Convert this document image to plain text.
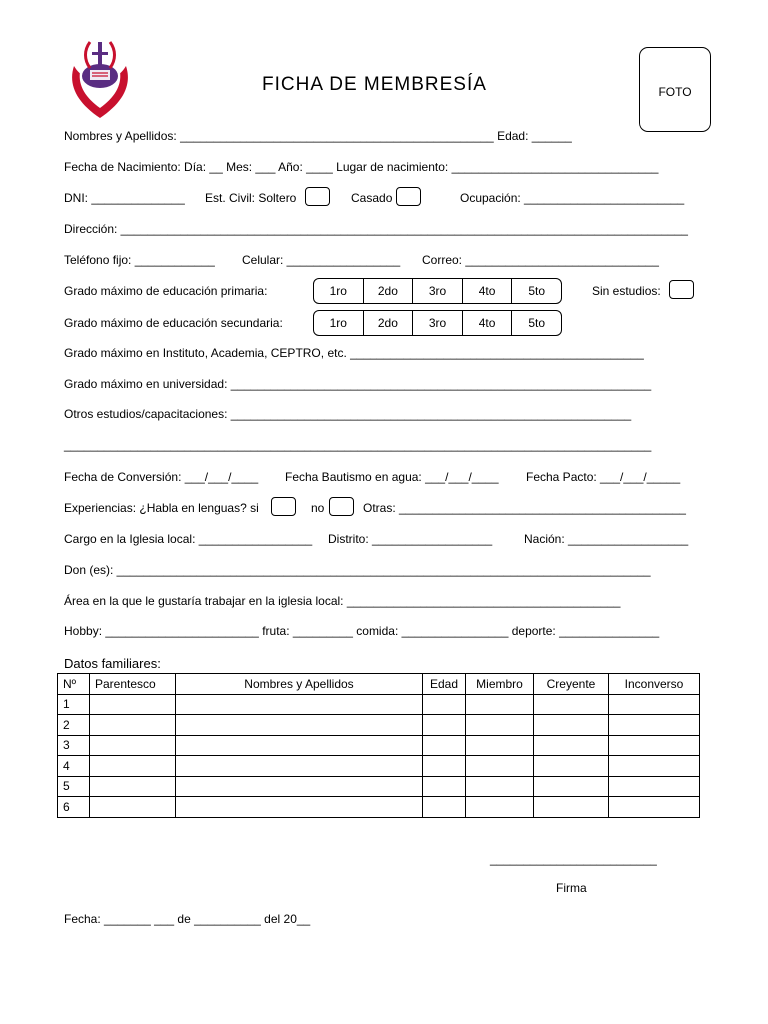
FICHA DE MEMBRESÍA	FOTO
Nombres y Apellidos: _______________________________________________ Edad: ______
Fecha de Nacimiento: Día: __ Mes: ___ Año: ____ Lugar de nacimiento: _______________________________
DNI: ______________ Est. Civil: Soltero	Casado	Ocupación: ________________________
Dirección: _____________________________________________________________________________________
Teléfono fijo: ____________ Celular: _________________ Correo: _____________________________
Grado máximo de educación primaria:	1ro	2do	3ro	4to	5to	Sin estudios:
Grado máximo de educación secundaria:	1ro	2do	3ro	4to	5to
Grado máximo en Instituto, Academia, CEPTRO, etc. ____________________________________________
Grado máximo en universidad: _______________________________________________________________
Otros estudios/capacitaciones: ____________________________________________________________
________________________________________________________________________________________
Fecha de Conversión: ___/___/____ Fecha Bautismo en agua: ___/___/____ Fecha Pacto: ___/___/_____
Experiencias: ¿Habla en lenguas? si	no	Otras: ___________________________________________
Cargo en la Iglesia local: _________________ Distrito: __________________	Nación: __________________
Don (es): ________________________________________________________________________________
Área en la que le gustaría trabajar en la iglesia local: _________________________________________
Hobby: _______________________ fruta: _________ comida: ________________ deporte: _______________
Datos familiares:
Nº	Parentesco	Nombres y Apellidos	Edad	Miembro	Creyente	Inconverso
1						
2						
3						
4						
5						
6						
_________________________
Firma
Fecha: _______ ___ de __________ del 20__
